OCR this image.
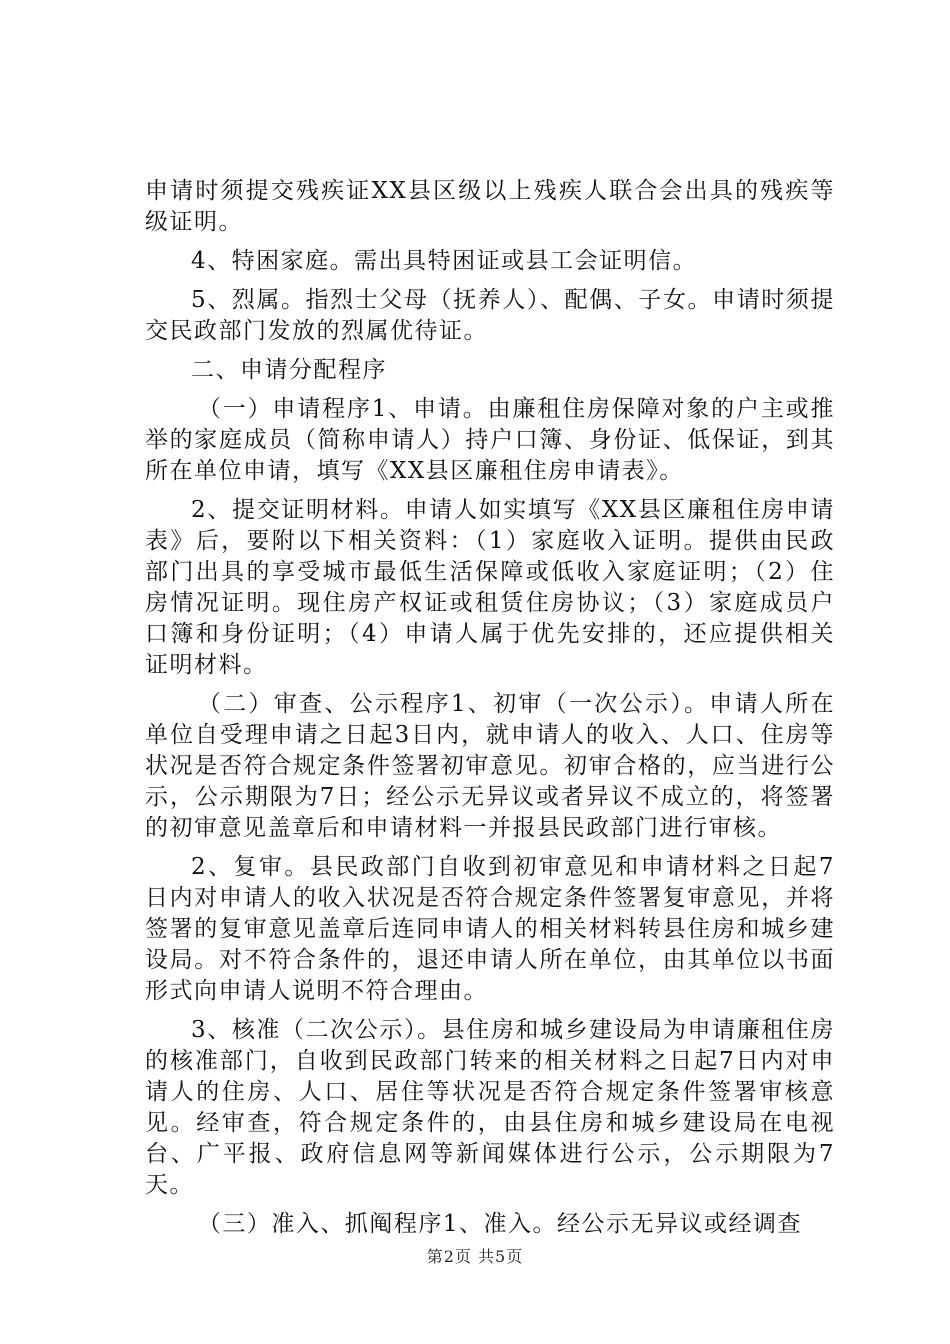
申请时须提交残疾证XX县区级以上残疾人联合会出具的残疾等级证明。

4、特困家庭。需出具特困证或县工会证明信。

5、烈属。指烈士父母（抚养人）、配偶、子女。申请时须提交民政部门发放的烈属优待证。

二、申请分配程序

（一）申请程序1、申请。由廉租住房保障对象的户主或推举的家庭成员（简称申请人）持户口簿、身份证、低保证，到其所在单位申请，填写《XX县区廉租住房申请表》。

2、提交证明材料。申请人如实填写《XX县区廉租住房申请表》后，要附以下相关资料：（1）家庭收入证明。提供由民政部门出具的享受城市最低生活保障或低收入家庭证明；（2）住房情况证明。现住房产权证或租赁住房协议；（3）家庭成员户口簿和身份证明；（4）申请人属于优先安排的，还应提供相关证明材料。

（二）审查、公示程序1、初审（一次公示）。申请人所在单位自受理申请之日起3日内，就申请人的收入、人口、住房等状况是否符合规定条件签署初审意见。初审合格的，应当进行公示，公示期限为7日；经公示无异议或者异议不成立的，将签署的初审意见盖章后和申请材料一并报县民政部门进行审核。

2、复审。县民政部门自收到初审意见和申请材料之日起7日内对申请人的收入状况是否符合规定条件签署复审意见，并将签署的复审意见盖章后连同申请人的相关材料转县住房和城乡建设局。对不符合条件的，退还申请人所在单位，由其单位以书面形式向申请人说明不符合理由。

3、核准（二次公示）。县住房和城乡建设局为申请廉租住房的核准部门，自收到民政部门转来的相关材料之日起7日内对申请人的住房、人口、居住等状况是否符合规定条件签署审核意见。经审查，符合规定条件的，由县住房和城乡建设局在电视台、广平报、政府信息网等新闻媒体进行公示，公示期限为7天。

（三）准入、抓阄程序1、准入。经公示无异议或经调查

第2页 共5页
